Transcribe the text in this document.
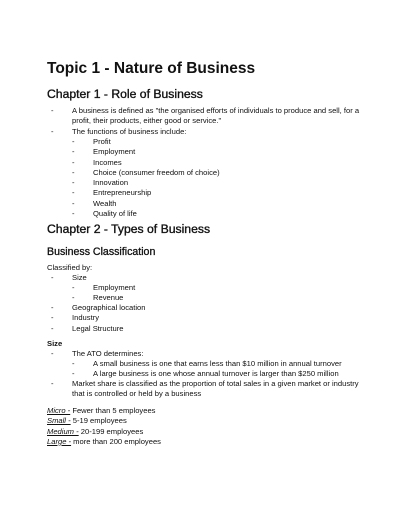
Topic 1 - Nature of Business
Chapter 1 - Role of Business
- A business is defined as "the organised efforts of individuals to produce and sell, for a profit, their products, either good or service."
- The functions of business include:
- Profit
- Employment
- Incomes
- Choice (consumer freedom of choice)
- Innovation
- Entrepreneurship
- Wealth
- Quality of life
Chapter 2 - Types of Business
Business Classification
Classified by:
- Size
- Employment
- Revenue
- Geographical location
- Industry
- Legal Structure
Size
- The ATO determines:
- A small business is one that earns less than $10 million in annual turnover
- A large business is one whose annual turnover is larger than $250 million
- Market share is classified as the proportion of total sales in a given market or industry that is controlled or held by a business
Micro - Fewer than 5 employees
Small - 5-19 employees
Medium - 20-199 employees
Large - more than 200 employees
